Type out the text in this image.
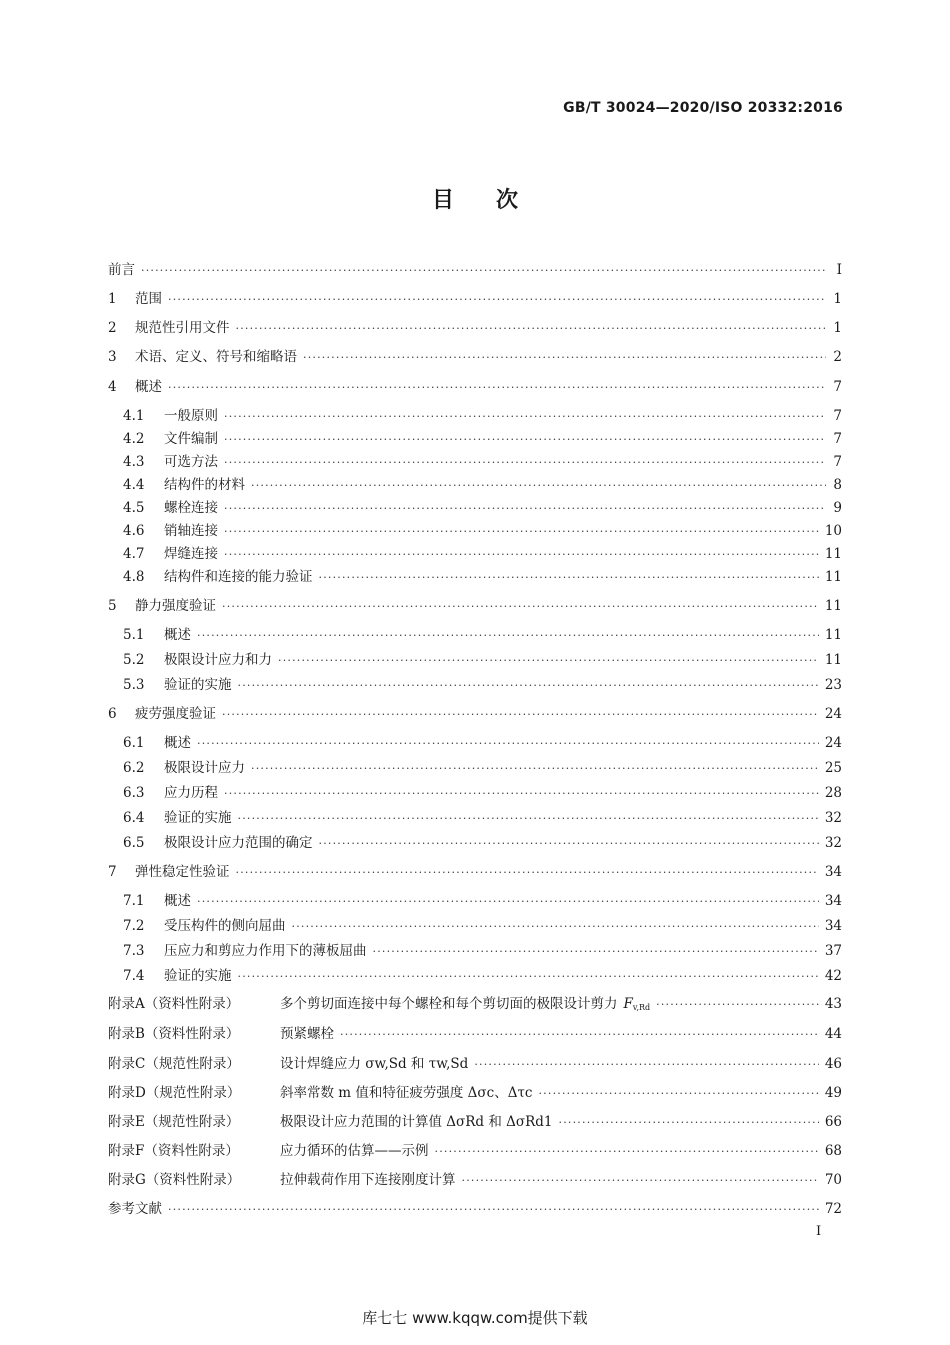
GB/T 30024—2020/ISO 20332:2016
目 次
前言 ·····	Ⅰ
1	范围 ·····	1
2	规范性引用文件 ·····	1
3	术语、定义、符号和缩略语 ·····	2
4	概述 ·····	7
4.1	一般原则 ·····	7
4.2	文件编制 ·····	7
4.3	可选方法 ·····	7
4.4	结构件的材料 ·····	8
4.5	螺栓连接 ·····	9
4.6	销轴连接 ·····	10
4.7	焊缝连接 ·····	11
4.8	结构件和连接的能力验证 ·····	11
5	静力强度验证 ·····	11
5.1	概述 ·····	11
5.2	极限设计应力和力 ·····	11
5.3	验证的实施 ·····	23
6	疲劳强度验证 ·····	24
6.1	概述 ·····	24
6.2	极限设计应力 ·····	25
6.3	应力历程 ·····	28
6.4	验证的实施 ·····	32
6.5	极限设计应力范围的确定 ·····	32
7	弹性稳定性验证 ·····	34
7.1	概述 ·····	34
7.2	受压构件的侧向屈曲 ·····	34
7.3	压应力和剪应力作用下的薄板屈曲 ·····	37
7.4	验证的实施 ·····	42
附录A（资料性附录）	多个剪切面连接中每个螺栓和每个剪切面的极限设计剪力 $F_{v,Rd}$ ·····	43
附录B（资料性附录）	预紧螺栓 ·····	44
附录C（规范性附录）	设计焊缝应力 σw,Sd 和 τw,Sd ·····	46
附录D（规范性附录）	斜率常数 m 值和特征疲劳强度 Δσc、Δτc ·····	49
附录E（规范性附录）	极限设计应力范围的计算值 ΔσRd 和 ΔσRd1 ·····	66
附录F（资料性附录）	应力循环的估算——示例 ·····	68
附录G（资料性附录）	拉伸载荷作用下连接刚度计算 ·····	70
参考文献 ·····	72
Ⅰ
库七七 www.kqqw.com提供下载
